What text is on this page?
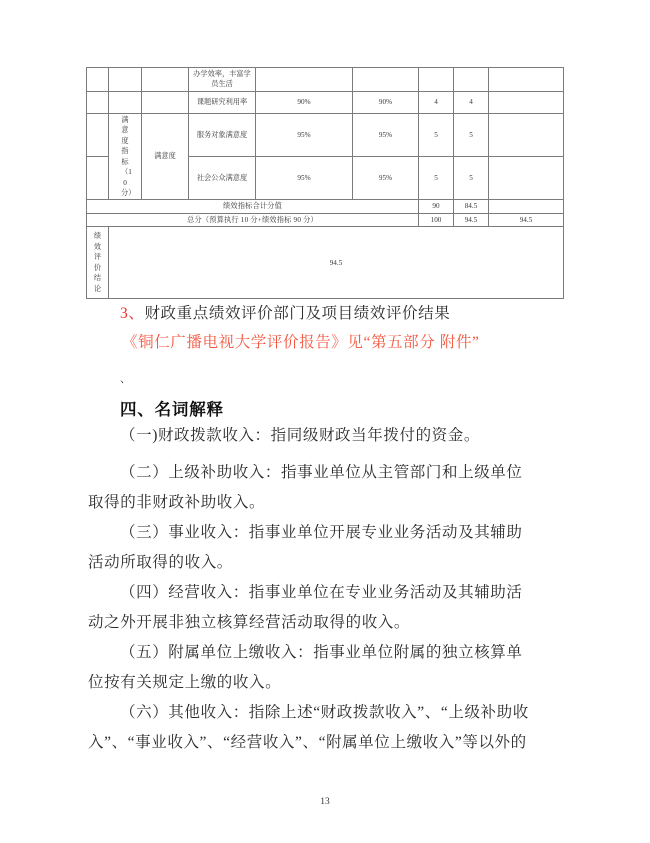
			办学效率，丰富学员生活					
			课题研究利用率	90%	90%	4	4	

	满意度指标（10分）	满意度	服务对象满意度	95%	95%	5	5	
			社会公众满意度	95%	95%	5	5	
绩效指标合计分值						90	84.5	
总分（预算执行 10 分+绩效指标 90 分）						100	94.5	94.5

绩效评价结论	94.5							
3、财政重点绩效评价部门及项目绩效评价结果
《铜仁广播电视大学评价报告》见“第五部分 附件”
、
四、名词解释
（一)财政拨款收入：指同级财政当年拨付的资金。
（二）上级补助收入：指事业单位从主管部门和上级单位
取得的非财政补助收入。
（三）事业收入：指事业单位开展专业业务活动及其辅助
活动所取得的收入。
（四）经营收入：指事业单位在专业业务活动及其辅助活
动之外开展非独立核算经营活动取得的收入。
（五）附属单位上缴收入：指事业单位附属的独立核算单
位按有关规定上缴的收入。
（六）其他收入：指除上述“财政拨款收入”、“上级补助收
入”、“事业收入”、“经营收入”、“附属单位上缴收入”等以外的
13
